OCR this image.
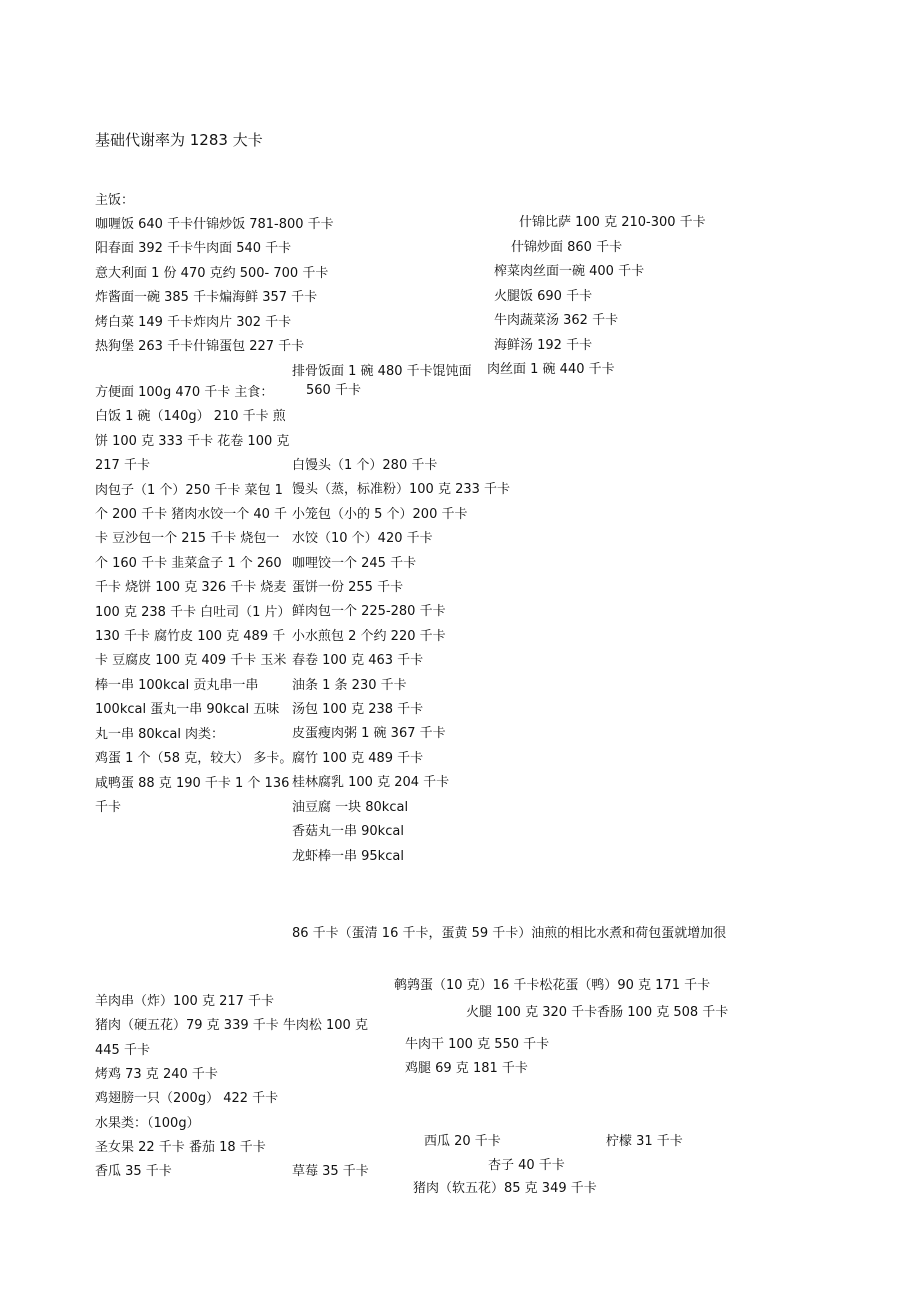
基础代谢率为 1283 大卡
主饭：
咖喱饭 640 千卡什锦炒饭 781-800 千卡
阳春面 392 千卡牛肉面 540 千卡
意大利面 1 份 470 克约 500- 700 千卡
炸酱面一碗 385 千卡煸海鲜 357 千卡
烤白菜 149 千卡炸肉片 302 千卡
热狗堡 263 千卡什锦蛋包 227 千卡
什锦比萨 100 克 210-300 千卡
什锦炒面 860 千卡
榨菜肉丝面一碗 400 千卡
火腿饭 690 千卡
牛肉蔬菜汤 362 千卡
海鲜汤 192 千卡
肉丝面 1 碗 440 千卡
排骨饭面 1 碗 480 千卡馄饨面
560 千卡
方便面 100g 470 千卡 主食：
白饭 1 碗（140g） 210 千卡 煎
饼 100 克 333 千卡 花卷 100 克
217 千卡
肉包子（1 个）250 千卡 菜包 1
个 200 千卡 猪肉水饺一个 40 千
卡 豆沙包一个 215 千卡 烧包一
个 160 千卡 韭菜盒子 1 个 260
千卡 烧饼 100 克 326 千卡 烧麦
100 克 238 千卡 白吐司（1 片）
130 千卡 腐竹皮 100 克 489 千
卡 豆腐皮 100 克 409 千卡 玉米
棒一串 100kcal 贡丸串一串
100kcal 蛋丸一串 90kcal 五味
丸一串 80kcal 肉类：
鸡蛋 1 个（58 克，较大） 多卡。
咸鸭蛋 88 克 190 千卡 1 个 136
千卡
白馒头（1 个）280 千卡
馒头（蒸，标准粉）100 克 233 千卡
小笼包（小的 5 个）200 千卡
水饺（10 个）420 千卡
咖哩饺一个 245 千卡
蛋饼一份 255 千卡
鲜肉包一个 225-280 千卡
小水煎包 2 个约 220 千卡
春卷 100 克 463 千卡
油条 1 条 230 千卡
汤包 100 克 238 千卡
皮蛋瘦肉粥 1 碗 367 千卡
腐竹 100 克 489 千卡
桂林腐乳 100 克 204 千卡
油豆腐 一块 80kcal
香菇丸一串 90kcal
龙虾棒一串 95kcal
86 千卡（蛋清 16 千卡，蛋黄 59 千卡）油煎的相比水煮和荷包蛋就增加很
鹌鹑蛋（10 克）16 千卡松花蛋（鸭）90 克 171 千卡
火腿 100 克 320 千卡香肠 100 克 508 千卡
牛肉干 100 克 550 千卡
鸡腿 69 克 181 千卡
羊肉串（炸）100 克 217 千卡
猪肉（硬五花）79 克 339 千卡 牛肉松 100 克
445 千卡
烤鸡 73 克 240 千卡
鸡翅膀一只（200g） 422 千卡
水果类：（100g）
圣女果 22 千卡 番茄 18 千卡
香瓜 35 千卡	草莓 35 千卡
西瓜 20 千卡	柠檬 31 千卡
杏子 40 千卡
猪肉（软五花）85 克 349 千卡
